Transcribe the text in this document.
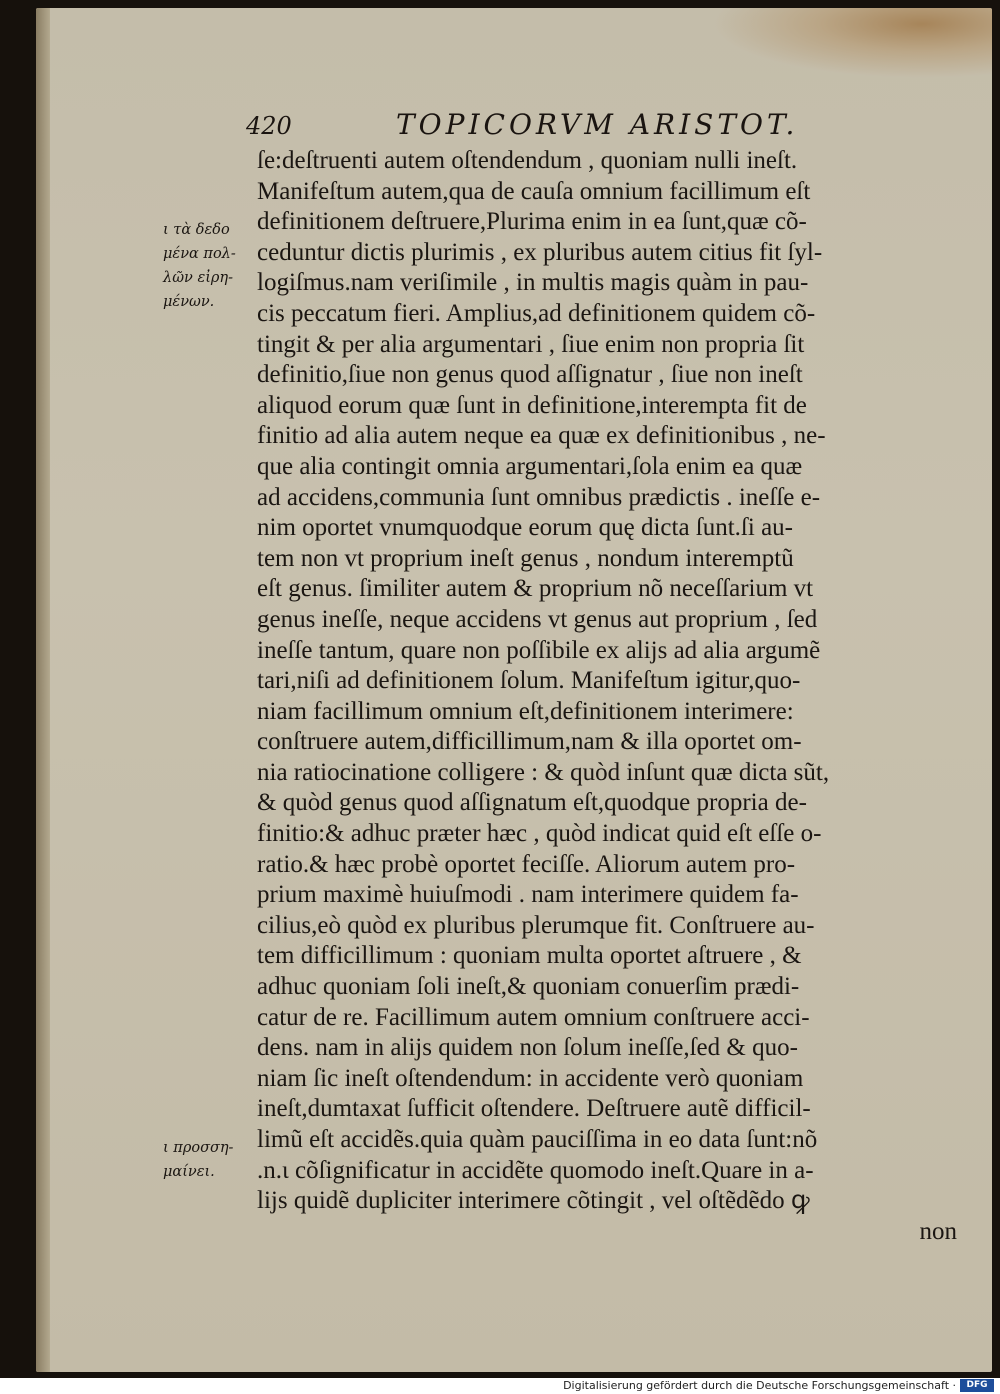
420	TOPICORVM ARISTOT.
ι τὰ δεδο
μένα πολ-
λῶν εἰρη-
μένων.
ι προσση-
μαίνει.
ſe:deſtruenti autem oſtendendum , quoniam nulli ineſt.
Manifeſtum autem,qua de cauſa omnium facillimum eſt
definitionem deſtruere,Plurima enim in ea ſunt,quæ cõ-
ceduntur dictis plurimis , ex pluribus autem citius fit ſyl-
logiſmus.nam veriſimile , in multis magis quàm in pau-
cis peccatum fieri. Amplius,ad definitionem quidem cõ-
tingit & per alia argumentari , ſiue enim non propria ſit
definitio,ſiue non genus quod aſſignatur , ſiue non ineſt
aliquod eorum quæ ſunt in definitione,interempta fit de
finitio ad alia autem neque ea quæ ex definitionibus , ne-
que alia contingit omnia argumentari,ſola enim ea quæ
ad accidens,communia ſunt omnibus prædictis . ineſſe e-
nim oportet vnumquodque eorum quę dicta ſunt.ſi au-
tem non vt proprium ineſt genus , nondum interemptũ
eſt genus. ſimiliter autem & proprium nõ neceſſarium vt
genus ineſſe, neque accidens vt genus aut proprium , ſed
ineſſe tantum, quare non poſſibile ex alijs ad alia argumẽ
tari,niſi ad definitionem ſolum. Manifeſtum igitur,quo-
niam facillimum omnium eſt,definitionem interimere:
conſtruere autem,difficillimum,nam & illa oportet om-
nia ratiocinatione colligere : & quòd inſunt quæ dicta sũt,
& quòd genus quod aſſignatum eſt,quodque propria de-
finitio:& adhuc præter hæc , quòd indicat quid eſt eſſe o-
ratio.& hæc probè oportet feciſſe. Aliorum autem pro-
prium maximè huiuſmodi . nam interimere quidem fa-
cilius,eò quòd ex pluribus plerumque fit. Conſtruere au-
tem difficillimum : quoniam multa oportet aſtruere , &
adhuc quoniam ſoli ineſt,& quoniam conuerſim prædi-
catur de re. Facillimum autem omnium conſtruere acci-
dens. nam in alijs quidem non ſolum ineſſe,ſed & quo-
niam ſic ineſt oſtendendum: in accidente verò quoniam
ineſt,dumtaxat ſufficit oſtendere. Deſtruere autẽ difficil-
limũ eſt accidẽs.quia quàm pauciſſima in eo data ſunt:nõ
.n.ι cõſignificatur in accidẽte quomodo ineſt.Quare in a-
lijs quidẽ dupliciter interimere cõtingit , vel oſtẽdẽdo ꝙ
non
Digitalisierung gefördert durch die Deutsche Forschungsgemeinschaft ·	DFG
